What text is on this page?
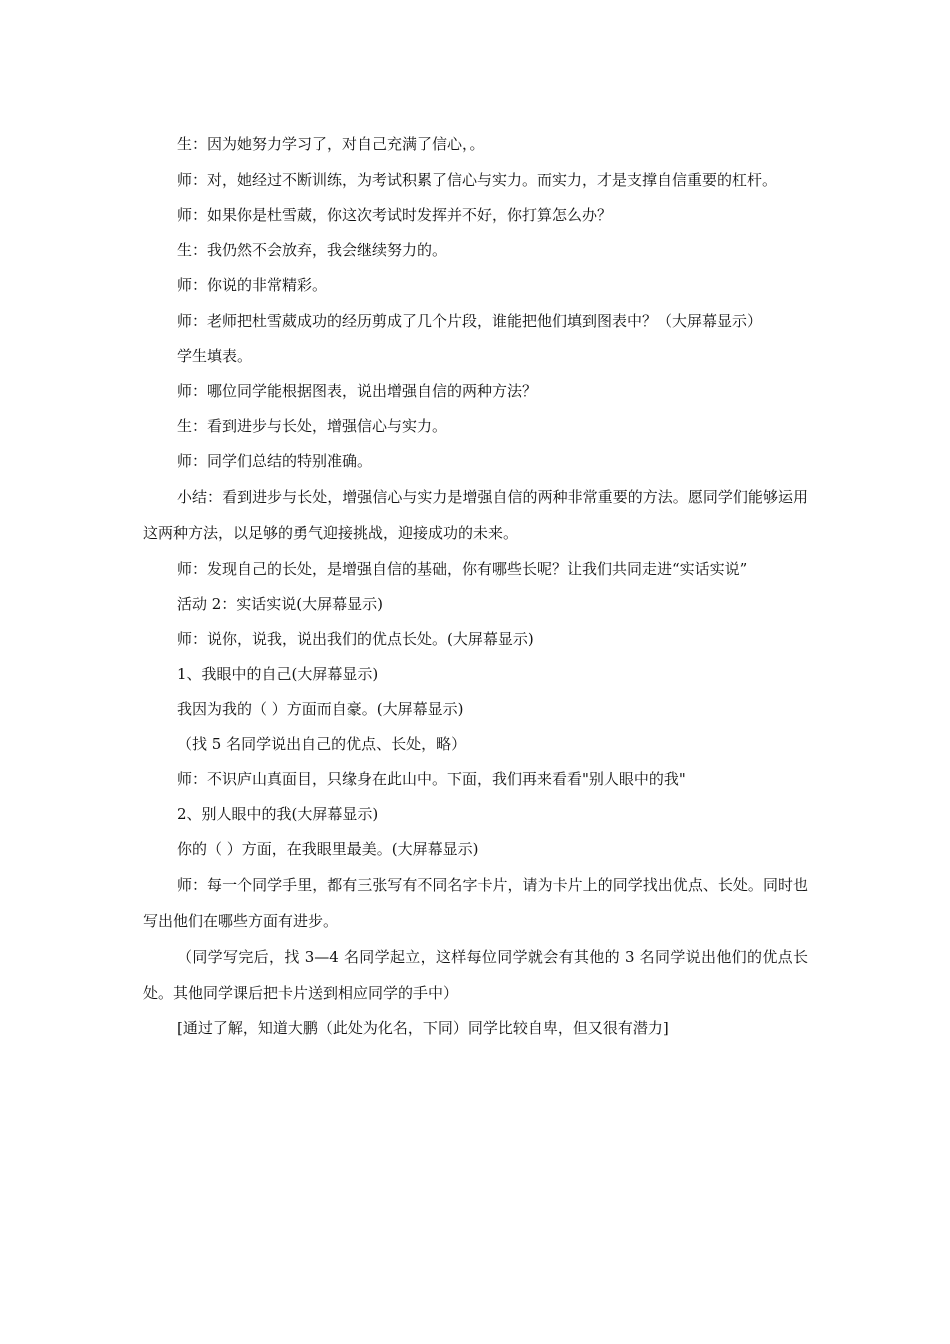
生：因为她努力学习了，对自己充满了信心，。

师：对，她经过不断训练，为考试积累了信心与实力。而实力，才是支撑自信重要的杠杆。

师：如果你是杜雪葳，你这次考试时发挥并不好，你打算怎么办？

生：我仍然不会放弃，我会继续努力的。

师：你说的非常精彩。

师：老师把杜雪葳成功的经历剪成了几个片段，谁能把他们填到图表中？（大屏幕显示）

学生填表。

师：哪位同学能根据图表，说出增强自信的两种方法？

生：看到进步与长处，增强信心与实力。

师：同学们总结的特别准确。

小结：看到进步与长处，增强信心与实力是增强自信的两种非常重要的方法。愿同学们能够运用这两种方法，以足够的勇气迎接挑战，迎接成功的未来。

师：发现自己的长处，是增强自信的基础，你有哪些长呢？让我们共同走进“实话实说”

活动 2：实话实说(大屏幕显示)

师：说你，说我，说出我们的优点长处。(大屏幕显示)

1、我眼中的自己(大屏幕显示)

我因为我的（ ）方面而自豪。(大屏幕显示)

（找 5 名同学说出自己的优点、长处，略）

师：不识庐山真面目，只缘身在此山中。下面，我们再来看看"别人眼中的我"

2、别人眼中的我(大屏幕显示)

你的（ ）方面，在我眼里最美。(大屏幕显示)

师：每一个同学手里，都有三张写有不同名字卡片，请为卡片上的同学找出优点、长处。同时也写出他们在哪些方面有进步。

（同学写完后，找 3—4 名同学起立，这样每位同学就会有其他的 3 名同学说出他们的优点长处。其他同学课后把卡片送到相应同学的手中）

[通过了解，知道大鹏（此处为化名，下同）同学比较自卑，但又很有潜力]
